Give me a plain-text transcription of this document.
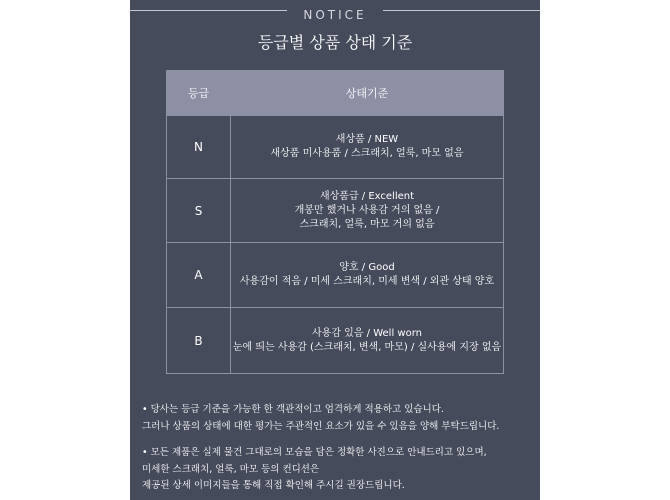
NOTICE
등급별 상품 상태 기준
등급	상태기준
N	새상품 / NEW
새상품 미사용품 / 스크래치, 얼룩, 마모 없음

S	새상품급 / Excellent
개봉만 했거나 사용감 거의 없음 /
스크래치, 얼룩, 마모 거의 없음

A	양호 / Good
사용감이 적음 / 미세 스크래치, 미세 변색 / 외관 상태 양호

B	사용감 있음 / Well worn
눈에 띄는 사용감 (스크래치, 변색, 마모) / 실사용에 지장 없음

• 당사는 등급 기준을 가능한 한 객관적이고 엄격하게 적용하고 있습니다.

그러나 상품의 상태에 대한 평가는 주관적인 요소가 있을 수 있음을 양해 부탁드립니다.

• 모든 제품은 실제 물건 그대로의 모습을 담은 정확한 사진으로 안내드리고 있으며,

미세한 스크래치, 얼룩, 마모 등의 컨디션은

제공된 상세 이미지들을 통해 직접 확인해 주시길 권장드립니다.
